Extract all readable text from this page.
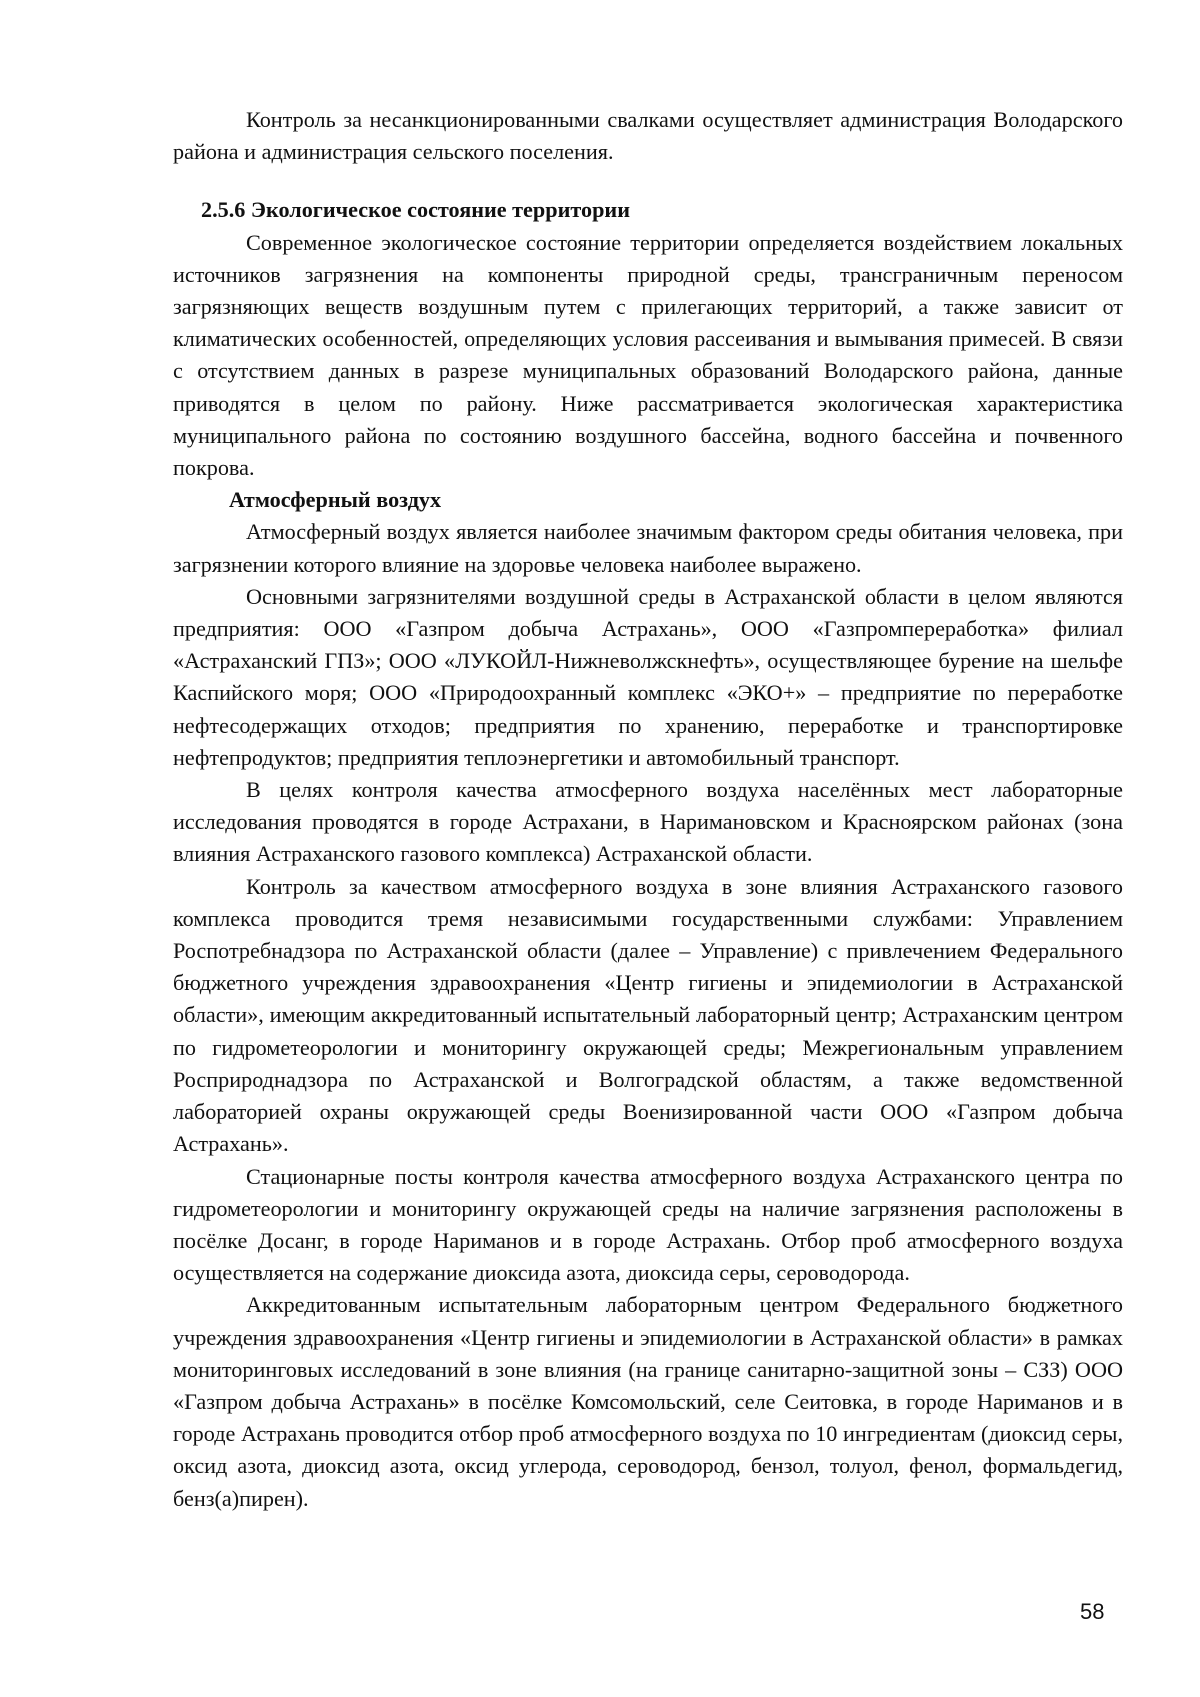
Контроль за несанкционированными свалками осуществляет администрация Володарского района и администрация сельского поселения.

2.5.6 Экологическое состояние территории

Современное экологическое состояние территории определяется воздействием локальных источников загрязнения на компоненты природной среды, трансграничным переносом загрязняющих веществ воздушным путем с прилегающих территорий, а также зависит от климатических особенностей, определяющих условия рассеивания и вымывания примесей. В связи с отсутствием данных в разрезе муниципальных образований Володарского района, данные приводятся в целом по району. Ниже рассматривается экологическая характеристика муниципального района по состоянию воздушного бассейна, водного бассейна и почвенного покрова.

Атмосферный воздух

Атмосферный воздух является наиболее значимым фактором среды обитания человека, при загрязнении которого влияние на здоровье человека наиболее выражено.

Основными загрязнителями воздушной среды в Астраханской области в целом являются предприятия: ООО «Газпром добыча Астрахань», ООО «Газпромпереработка» филиал «Астраханский ГПЗ»; ООО «ЛУКОЙЛ-Нижневолжскнефть», осуществляющее бурение на шельфе Каспийского моря; ООО «Природоохранный комплекс «ЭКО+» – предприятие по переработке нефтесодержащих отходов; предприятия по хранению, переработке и транспортировке нефтепродуктов; предприятия теплоэнергетики и автомобильный транспорт.

В целях контроля качества атмосферного воздуха населённых мест лабораторные исследования проводятся в городе Астрахани, в Наримановском и Красноярском районах (зона влияния Астраханского газового комплекса) Астраханской области.

Контроль за качеством атмосферного воздуха в зоне влияния Астраханского газового комплекса проводится тремя независимыми государственными службами: Управлением Роспотребнадзора по Астраханской области (далее – Управление) с привлечением Федерального бюджетного учреждения здравоохранения «Центр гигиены и эпидемиологии в Астраханской области», имеющим аккредитованный испытательный лабораторный центр; Астраханским центром по гидрометеорологии и мониторингу окружающей среды; Межрегиональным управлением Росприроднадзора по Астраханской и Волгоградской областям, а также ведомственной лабораторией охраны окружающей среды Военизированной части ООО «Газпром добыча Астрахань».

Стационарные посты контроля качества атмосферного воздуха Астраханского центра по гидрометеорологии и мониторингу окружающей среды на наличие загрязнения расположены в посёлке Досанг, в городе Нариманов и в городе Астрахань. Отбор проб атмосферного воздуха осуществляется на содержание диоксида азота, диоксида серы, сероводорода.

Аккредитованным испытательным лабораторным центром Федерального бюджетного учреждения здравоохранения «Центр гигиены и эпидемиологии в Астраханской области» в рамках мониторинговых исследований в зоне влияния (на границе санитарно-защитной зоны – СЗЗ) ООО «Газпром добыча Астрахань» в посёлке Комсомольский, селе Сеитовка, в городе Нариманов и в городе Астрахань проводится отбор проб атмосферного воздуха по 10 ингредиентам (диоксид серы, оксид азота, диоксид азота, оксид углерода, сероводород, бензол, толуол, фенол, формальдегид, бенз(а)пирен).

58
